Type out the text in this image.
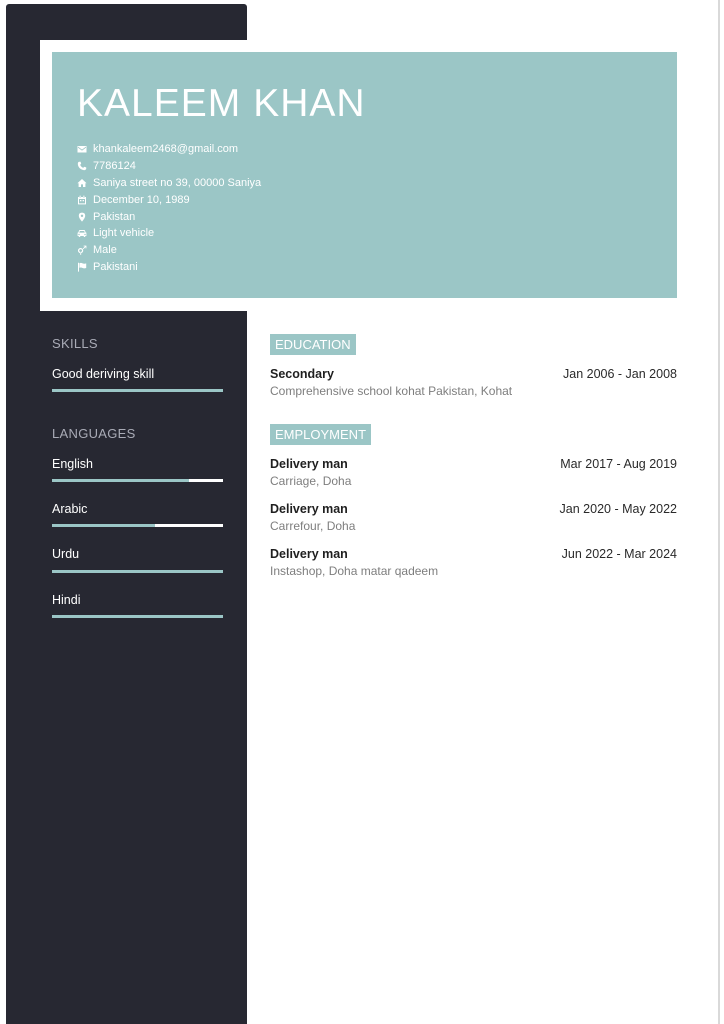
KALEEM KHAN
khankaleem2468@gmail.com
7786124
Saniya street no 39, 00000 Saniya
December 10, 1989
Pakistan
Light vehicle
Male
Pakistani
SKILLS
Good deriving skill
LANGUAGES
English
Arabic
Urdu
Hindi
EDUCATION
Secondary	Jan 2006 - Jan 2008
Comprehensive school kohat Pakistan, Kohat
EMPLOYMENT
Delivery man	Mar 2017 - Aug 2019
Carriage, Doha
Delivery man	Jan 2020 - May 2022
Carrefour, Doha
Delivery man	Jun 2022 - Mar 2024
Instashop, Doha matar qadeem
